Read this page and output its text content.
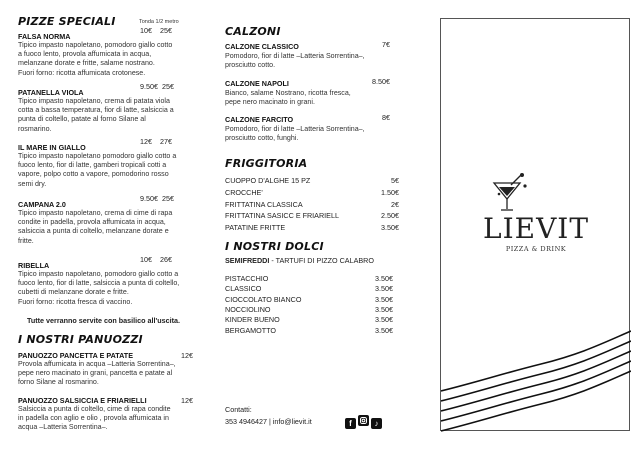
PIZZE SPECIALI	Tonda 1/2 metro
FALSA NORMA
10€    25€
Tipico impasto napoletano, pomodoro giallo cotto
a fuoco lento, provola affumicata in acqua,
melanzane dorate e fritte, salame nostrano.
Fuori forno: ricotta affumicata crotonese.
PATANELLA VIOLA
9.50€  25€
Tipico impasto napoletano, crema di patata viola
cotta a bassa temperatura, fior di latte, salsiccia a
punta di coltello, patate al forno Silane al
rosmarino.
IL MARE IN GIALLO
12€    27€
Tipico impasto napoletano pomodoro giallo cotto a
fuoco lento, fior di latte, gamberi tropicali cotti a
vapore, polpo cotto a vapore, pomodorino rosso
semi dry.
CAMPANA 2.0
9.50€  25€
Tipico impasto napoletano, crema di cime di rapa
condite in padella, provola affumicata in acqua,
salsiccia a punta di coltello, melanzane dorate e
fritte.
RIBELLA
10€    26€
Tipico impasto napoletano, pomodoro giallo cotto a
fuoco lento, fior di latte, salsiccia a punta di coltello,
cubetti di melanzane dorate e fritte.
Fuori forno: ricotta fresca di vaccino.
Tutte verranno servite con basilico all'uscita.
I NOSTRI PANUOZZI
PANUOZZO PANCETTA E PATATE	12€
Provola affumicata in acqua –Latteria Sorrentina–,
pepe nero macinato in grani, pancetta e patate al
forno Silane al rosmarino.
PANUOZZO SALSICCIA E FRIARIELLI	12€
Salsiccia a punta di coltello, cime di rapa condite
in padella con aglio e olio , provola affumicata in
acqua –Latteria Sorrentina–.
CALZONI
CALZONE CLASSICO	7€
Pomodoro, fior di latte –Latteria Sorrentina–,
prosciutto cotto.
CALZONE NAPOLI	8.50€
Bianco, salame Nostrano, ricotta fresca,
pepe nero macinato in grani.
CALZONE FARCITO	8€
Pomodoro, fior di latte –Latteria Sorrentina–,
prosciutto cotto, funghi.
FRIGGITORIA
CUOPPO D'ALGHE 15 PZ	5€
CROCCHE'	1.50€
FRITTATINA CLASSICA	2€
FRITTATINA SASICC E FRIARIELL	2.50€
PATATINE FRITTE	3.50€
I NOSTRI DOLCI
SEMIFREDDI - TARTUFI DI PIZZO CALABRO
PISTACCHIO	3.50€
CLASSICO	3.50€
CIOCCOLATO BIANCO	3.50€
NOCCIOLINO	3.50€
KINDER BUENO	3.50€
BERGAMOTTO	3.50€
Contatti:
353 4946427 | info@lievit.it	f	♪
LIEVIT
PIZZA & DRINK
